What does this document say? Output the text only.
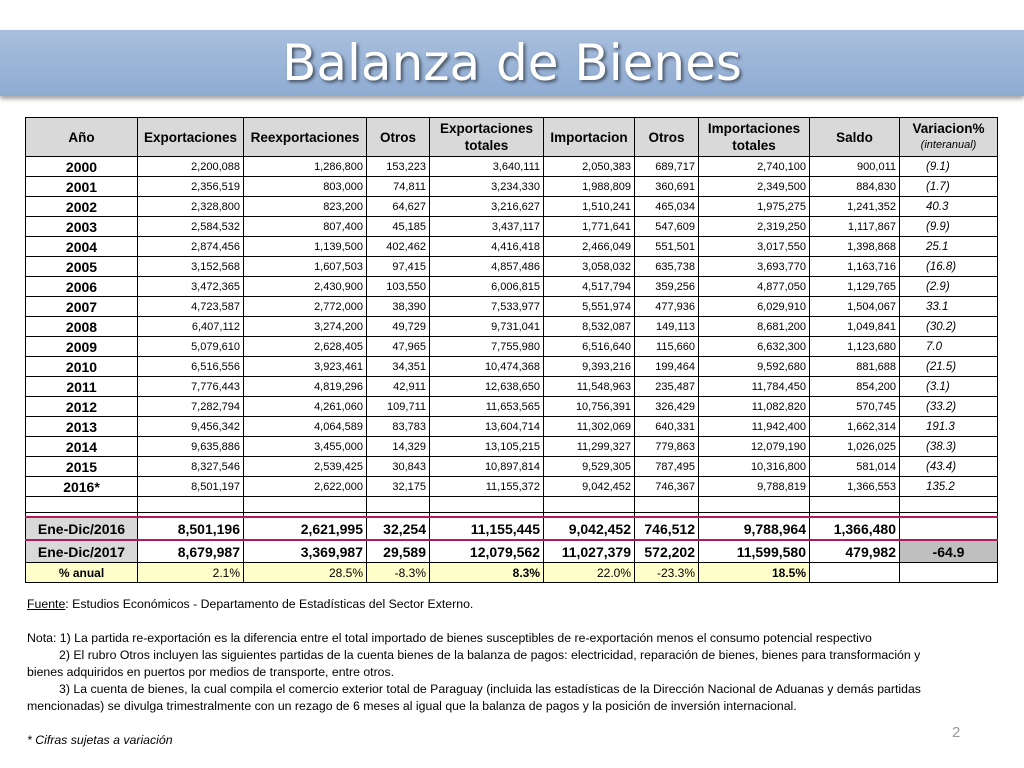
Balanza de Bienes
Año	Exportaciones	Reexportaciones	Otros	Exportaciones totales	Importacion	Otros	Importaciones totales	Saldo	Variacion%
(interanual)

2000	2,200,088	1,286,800	153,223	3,640,111	2,050,383	689,717	2,740,100	900,011	(9.1)
2001	2,356,519	803,000	74,811	3,234,330	1,988,809	360,691	2,349,500	884,830	(1.7)
2002	2,328,800	823,200	64,627	3,216,627	1,510,241	465,034	1,975,275	1,241,352	40.3
2003	2,584,532	807,400	45,185	3,437,117	1,771,641	547,609	2,319,250	1,117,867	(9.9)
2004	2,874,456	1,139,500	402,462	4,416,418	2,466,049	551,501	3,017,550	1,398,868	25.1
2005	3,152,568	1,607,503	97,415	4,857,486	3,058,032	635,738	3,693,770	1,163,716	(16.8)
2006	3,472,365	2,430,900	103,550	6,006,815	4,517,794	359,256	4,877,050	1,129,765	(2.9)
2007	4,723,587	2,772,000	38,390	7,533,977	5,551,974	477,936	6,029,910	1,504,067	33.1
2008	6,407,112	3,274,200	49,729	9,731,041	8,532,087	149,113	8,681,200	1,049,841	(30.2)
2009	5,079,610	2,628,405	47,965	7,755,980	6,516,640	115,660	6,632,300	1,123,680	7.0
2010	6,516,556	3,923,461	34,351	10,474,368	9,393,216	199,464	9,592,680	881,688	(21.5)
2011	7,776,443	4,819,296	42,911	12,638,650	11,548,963	235,487	11,784,450	854,200	(3.1)
2012	7,282,794	4,261,060	109,711	11,653,565	10,756,391	326,429	11,082,820	570,745	(33.2)
2013	9,456,342	4,064,589	83,783	13,604,714	11,302,069	640,331	11,942,400	1,662,314	191.3
2014	9,635,886	3,455,000	14,329	13,105,215	11,299,327	779,863	12,079,190	1,026,025	(38.3)
2015	8,327,546	2,539,425	30,843	10,897,814	9,529,305	787,495	10,316,800	581,014	(43.4)
2016*	8,501,197	2,622,000	32,175	11,155,372	9,042,452	746,367	9,788,819	1,366,553	135.2

Ene-Dic/2016	8,501,196	2,621,995	32,254	11,155,445	9,042,452	746,512	9,788,964	1,366,480	
Ene-Dic/2017	8,679,987	3,369,987	29,589	12,079,562	11,027,379	572,202	11,599,580	479,982	-64.9
% anual	2.1%	28.5%	-8.3%	8.3%	22.0%	-23.3%	18.5%		

Fuente: Estudios Económicos - Departamento de Estadísticas del Sector Externo.

Nota: 1) La partida re-exportación es la diferencia entre el total importado de bienes susceptibles de re-exportación menos el consumo potencial respectivo

2) El rubro Otros incluyen las siguientes partidas de la cuenta bienes de la balanza de pagos: electricidad, reparación de bienes, bienes para transformación y

bienes adquiridos en puertos por medios de transporte, entre otros.

3) La cuenta de bienes, la cual compila el comercio exterior total de Paraguay (incluida las estadísticas de la Dirección Nacional de Aduanas y demás partidas

mencionadas) se divulga trimestralmente con un rezago de 6 meses al igual que la balanza de pagos y la posición de inversión internacional.

* Cifras sujetas a variación	2
